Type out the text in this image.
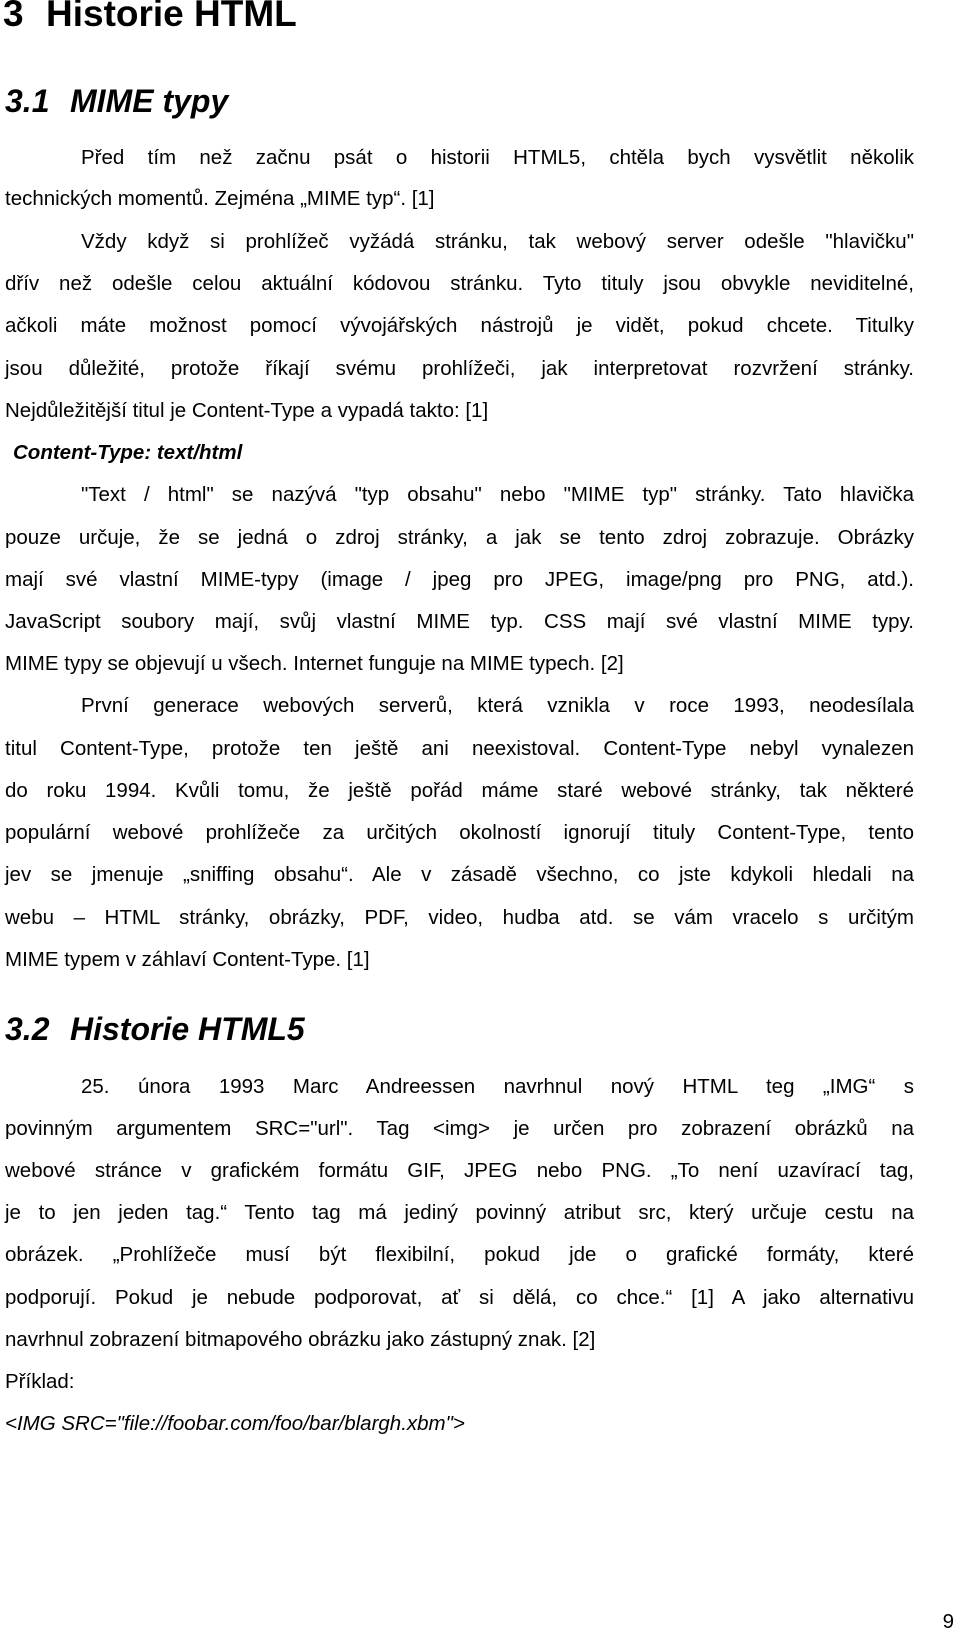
3 Historie HTML
3.1 MIME typy

Před tím než začnu psát o historii HTML5, chtěla bych vysvětlit několik

technických momentů. Zejména „MIME typ“. [1]

Vždy když si prohlížeč vyžádá stránku, tak webový server odešle "hlavičku"

dřív než odešle celou aktuální kódovou stránku. Tyto tituly jsou obvykle neviditelné,

ačkoli máte možnost pomocí vývojářských nástrojů je vidět, pokud chcete. Titulky

jsou důležité, protože říkají svému prohlížeči, jak interpretovat rozvržení stránky.

Nejdůležitější titul je Content-Type a vypadá takto: [1]

Content-Type: text/html

"Text / html" se nazývá "typ obsahu" nebo "MIME typ" stránky. Tato hlavička

pouze určuje, že se jedná o zdroj stránky, a jak se tento zdroj zobrazuje. Obrázky

mají své vlastní MIME-typy (image / jpeg pro JPEG, image/png pro PNG, atd.).

JavaScript soubory mají, svůj vlastní MIME typ. CSS mají své vlastní MIME typy.

MIME typy se objevují u všech. Internet funguje na MIME typech. [2]

První generace webových serverů, která vznikla v roce 1993, neodesílala

titul Content-Type, protože ten ještě ani neexistoval. Content-Type nebyl vynalezen

do roku 1994. Kvůli tomu, že ještě pořád máme staré webové stránky, tak některé

populární webové prohlížeče za určitých okolností ignorují tituly Content-Type, tento

jev se jmenuje „sniffing obsahu“. Ale v zásadě všechno, co jste kdykoli hledali na

webu – HTML stránky, obrázky, PDF, video, hudba atd. se vám vracelo s určitým

MIME typem v záhlaví Content-Type. [1]

3.2 Historie HTML5

25. února 1993 Marc Andreessen navrhnul nový HTML teg „IMG“ s

povinným argumentem SRC="url". Tag <img> je určen pro zobrazení obrázků na

webové stránce v grafickém formátu GIF, JPEG nebo PNG. „To není uzavírací tag,

je to jen jeden tag.“ Tento tag má jediný povinný atribut src, který určuje cestu na

obrázek. „Prohlížeče musí být flexibilní, pokud jde o grafické formáty, které

podporují. Pokud je nebude podporovat, ať si dělá, co chce.“ [1] A jako alternativu

navrhnul zobrazení bitmapového obrázku jako zástupný znak. [2]

Příklad:

<IMG SRC="file://foobar.com/foo/bar/blargh.xbm">

9
